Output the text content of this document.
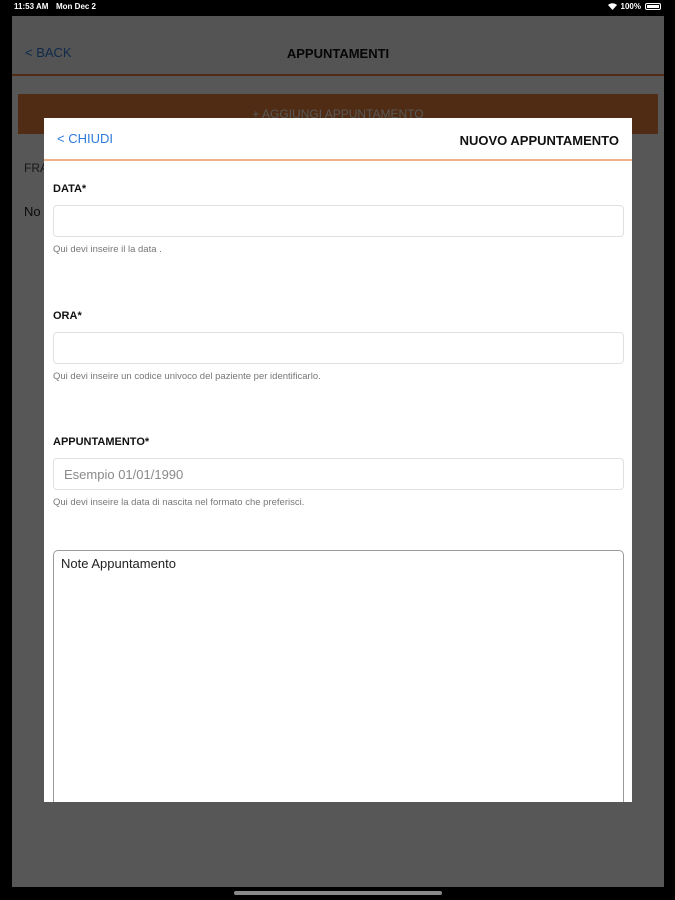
11:53 AM Mon Dec 2	100%
< CHIUDI	NUOVO APPUNTAMENTO
DATA*
Qui devi inseire il la data .
ORA*
Qui devi inseire un codice univoco del paziente per identificarlo.
APPUNTAMENTO*
Esempio 01/01/1990
Qui devi inseire la data di nascita nel formato che preferisci.
Note Appuntamento
